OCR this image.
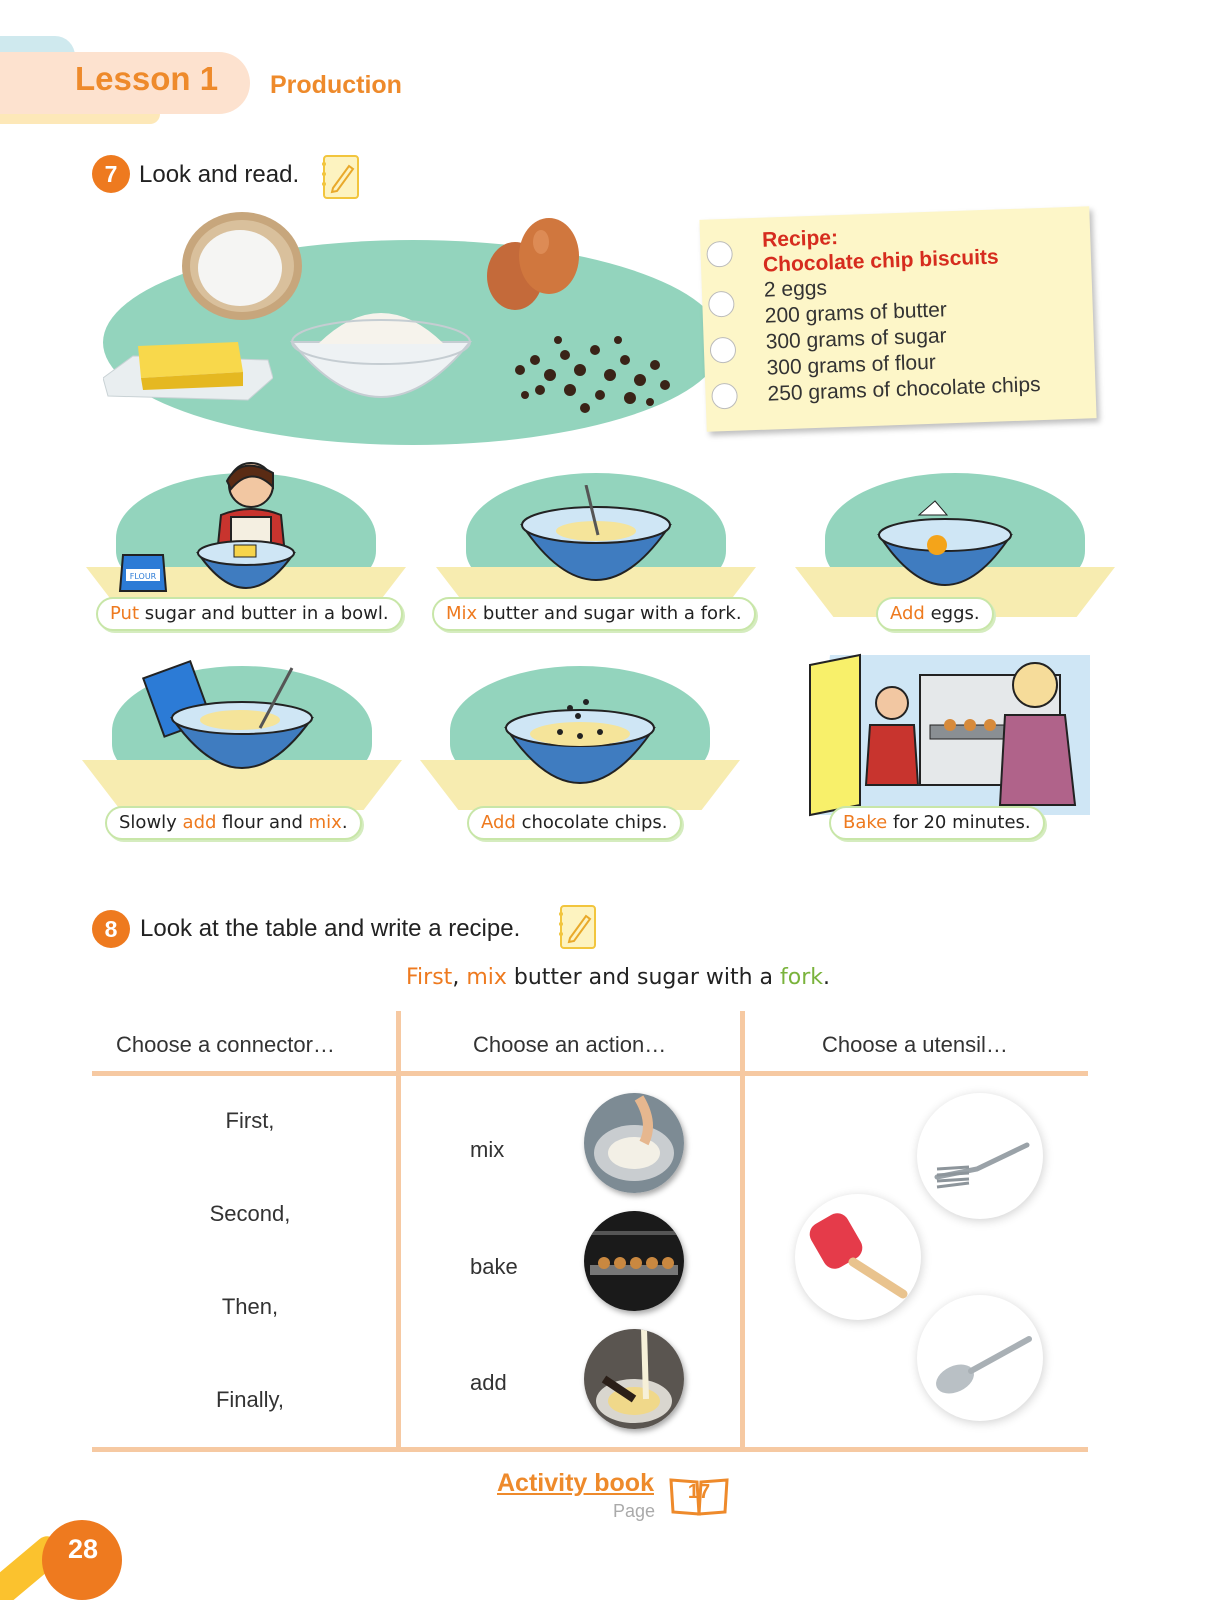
Lesson 1 Production
7 Look and read.
Recipe:
Chocolate chip biscuits
2 eggs
200 grams of butter
300 grams of sugar
300 grams of flour
250 grams of chocolate chips
FLOUR
Put sugar and butter in a bowl.	Mix butter and sugar with a fork.	Add eggs.
Slowly add flour and mix.	Add chocolate chips.	Bake for 20 minutes.
8 Look at the table and write a recipe.
First, mix butter and sugar with a fork.
Choose a connector…	Choose an action…	Choose a utensil…
First,
Second,
Then,
Finally,
mix
bake
add
Activity book
Page
17
28
